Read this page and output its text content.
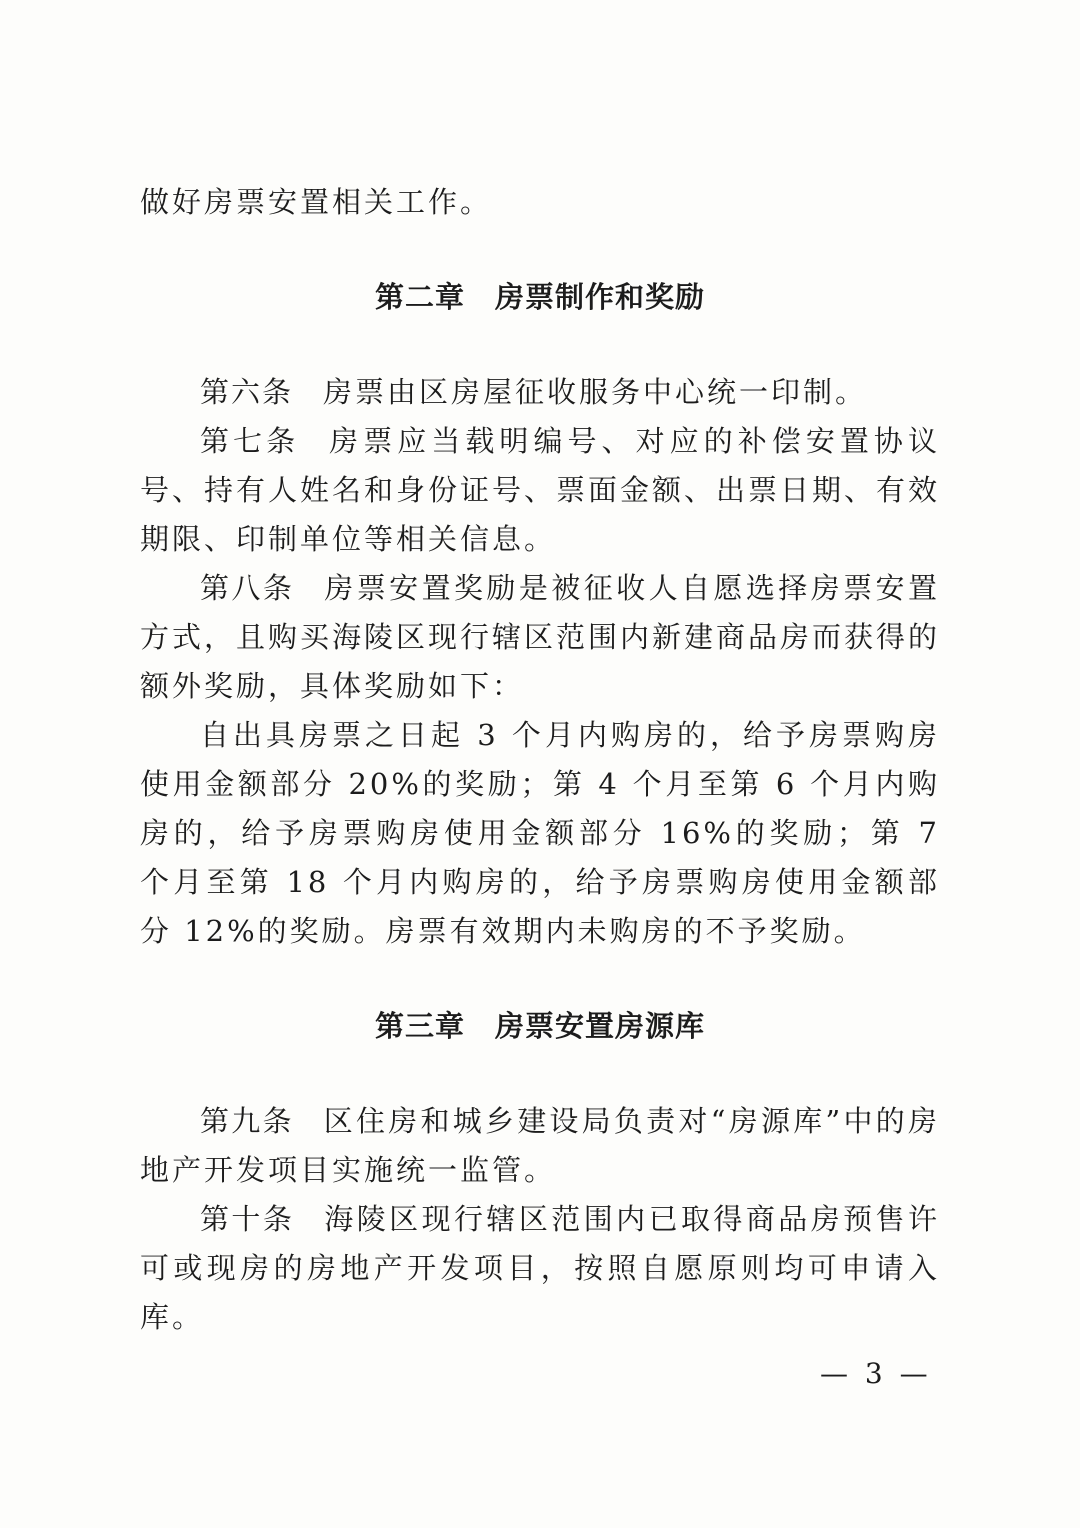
做好房票安置相关工作。

第二章 房票制作和奖励

第六条 房票由区房屋征收服务中心统一印制。

第七条 房票应当载明编号、对应的补偿安置协议号、持有人姓名和身份证号、票面金额、出票日期、有效期限、印制单位等相关信息。

第八条 房票安置奖励是被征收人自愿选择房票安置方式，且购买海陵区现行辖区范围内新建商品房而获得的额外奖励，具体奖励如下：

自出具房票之日起 3 个月内购房的，给予房票购房使用金额部分 20%的奖励；第 4 个月至第 6 个月内购房的，给予房票购房使用金额部分 16%的奖励；第 7 个月至第 18 个月内购房的，给予房票购房使用金额部分 12%的奖励。房票有效期内未购房的不予奖励。

第三章 房票安置房源库

第九条 区住房和城乡建设局负责对“房源库”中的房地产开发项目实施统一监管。

第十条 海陵区现行辖区范围内已取得商品房预售许可或现房的房地产开发项目，按照自愿原则均可申请入库。

— 3 —
